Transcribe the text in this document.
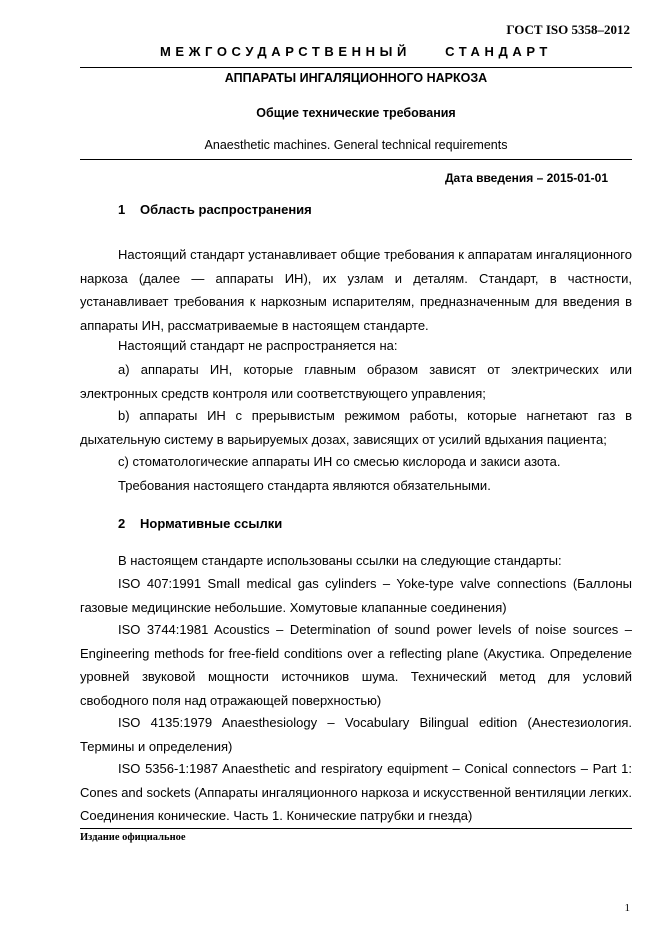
ГОСТ ISO 5358–2012
МЕЖГОСУДАРСТВЕННЫЙ СТАНДАРТ
АППАРАТЫ ИНГАЛЯЦИОННОГО НАРКОЗА
Общие технические требования
Anaesthetic machines. General technical requirements
Дата введения – 2015-01-01
1 Область распространения

Настоящий стандарт устанавливает общие требования к аппаратам ингаляционного наркоза (далее — аппараты ИН), их узлам и деталям. Стандарт, в частности, устанавливает требования к наркозным испарителям, предназначенным для введения в аппараты ИН, рассматриваемые в настоящем стандарте.

Настоящий стандарт не распространяется на:

a) аппараты ИН, которые главным образом зависят от электрических или электронных средств контроля или соответствующего управления;

b) аппараты ИН с прерывистым режимом работы, которые нагнетают газ в дыхательную систему в варьируемых дозах, зависящих от усилий вдыхания пациента;

c) стоматологические аппараты ИН со смесью кислорода и закиси азота.

Требования настоящего стандарта являются обязательными.

2 Нормативные ссылки

В настоящем стандарте использованы ссылки на следующие стандарты:

ISO 407:1991 Small medical gas cylinders – Yoke-type valve connections (Баллоны газовые медицинские небольшие. Хомутовые клапанные соединения)

ISO 3744:1981 Acoustics – Determination of sound power levels of noise sources – Engineering methods for free-field conditions over a reflecting plane (Акустика. Определение уровней звуковой мощности источников шума. Технический метод для условий свободного поля над отражающей поверхностью)

ISO 4135:1979 Anaesthesiology – Vocabulary Bilingual edition (Анестезиология. Термины и определения)

ISO 5356-1:1987 Anaesthetic and respiratory equipment – Conical connectors – Part 1: Cones and sockets (Аппараты ингаляционного наркоза и искусственной вентиляции легких. Соединения конические. Часть 1. Конические патрубки и гнезда)

Издание официальное
1
